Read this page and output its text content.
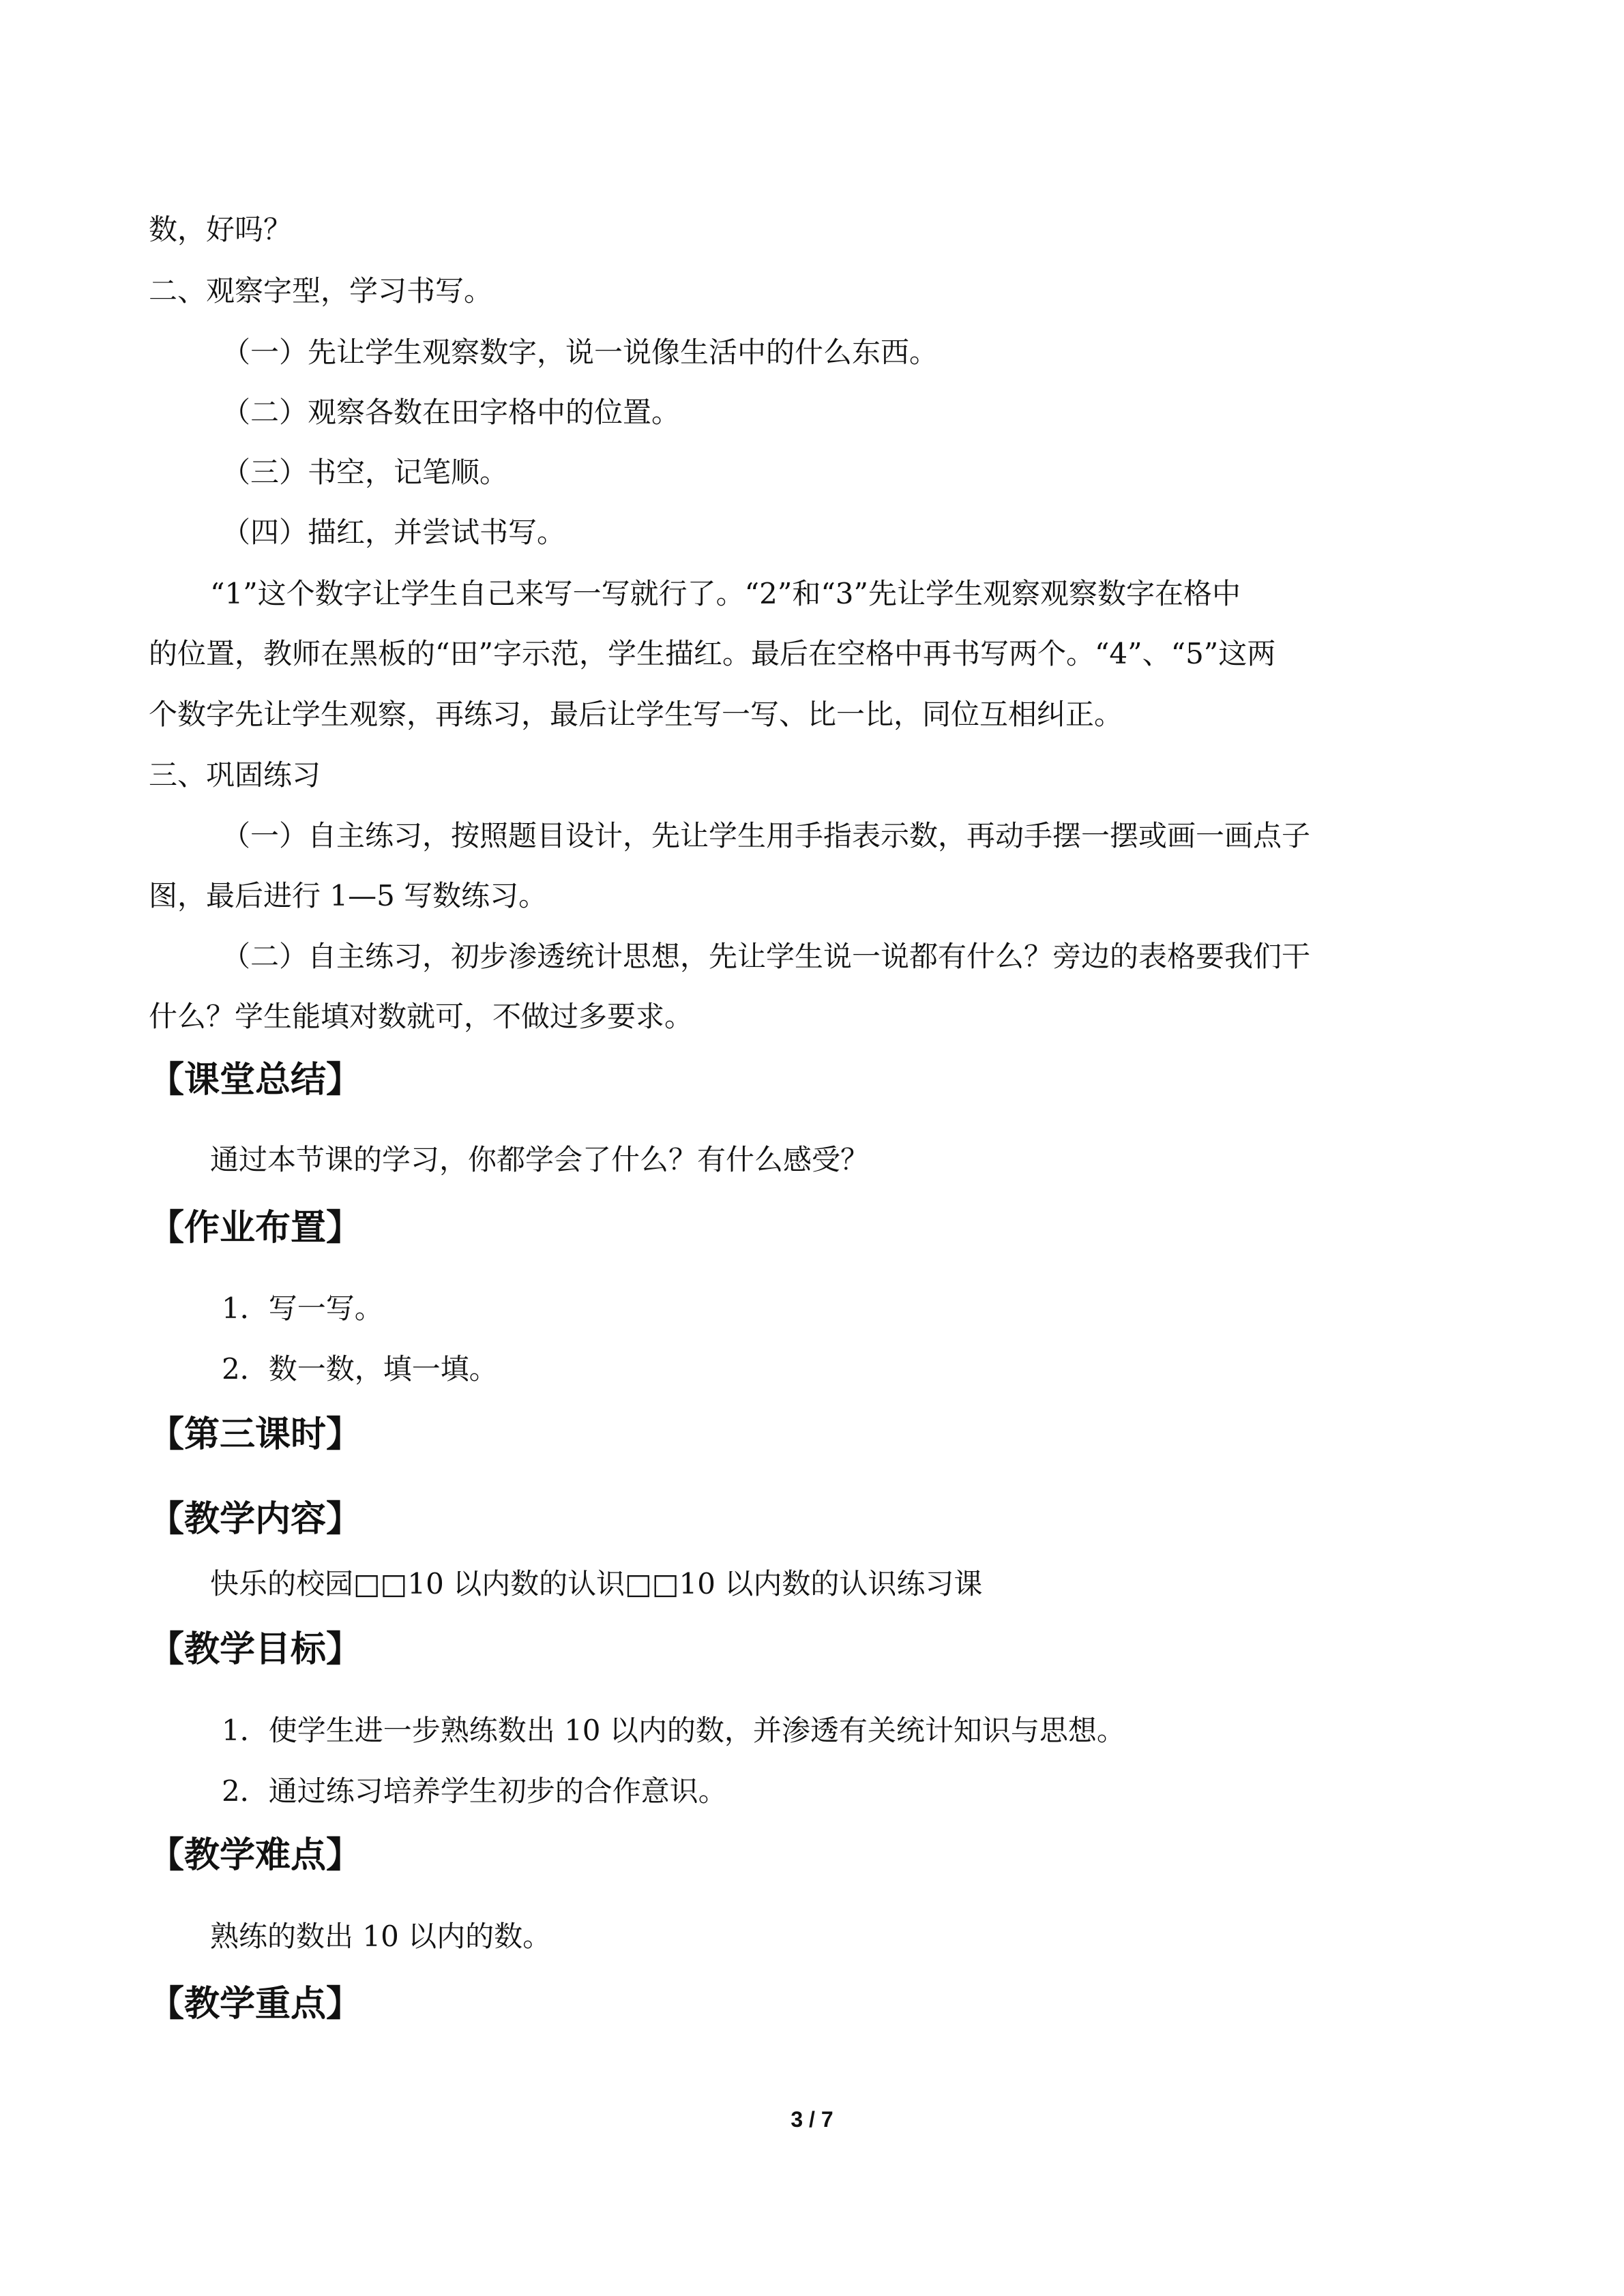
数，好吗？
二、观察字型，学习书写。
（一）先让学生观察数字，说一说像生活中的什么东西。
（二）观察各数在田字格中的位置。
（三）书空，记笔顺。
（四）描红，并尝试书写。
“1”这个数字让学生自己来写一写就行了。“2”和“3”先让学生观察观察数字在格中
的位置，教师在黑板的“田”字示范，学生描红。最后在空格中再书写两个。“4”、“5”这两
个数字先让学生观察，再练习，最后让学生写一写、比一比，同位互相纠正。
三、巩固练习
（一）自主练习，按照题目设计，先让学生用手指表示数，再动手摆一摆或画一画点子
图，最后进行 1—5 写数练习。
（二）自主练习，初步渗透统计思想，先让学生说一说都有什么？旁边的表格要我们干
什么？学生能填对数就可，不做过多要求。
【课堂总结】
通过本节课的学习，你都学会了什么？有什么感受？
【作业布置】
1．写一写。
2．数一数，填一填。
【第三课时】
【教学内容】
快乐的校园□□10 以内数的认识□□10 以内数的认识练习课
【教学目标】
1．使学生进一步熟练数出 10 以内的数，并渗透有关统计知识与思想。
2．通过练习培养学生初步的合作意识。
【教学难点】
熟练的数出 10 以内的数。
【教学重点】
3 / 7
